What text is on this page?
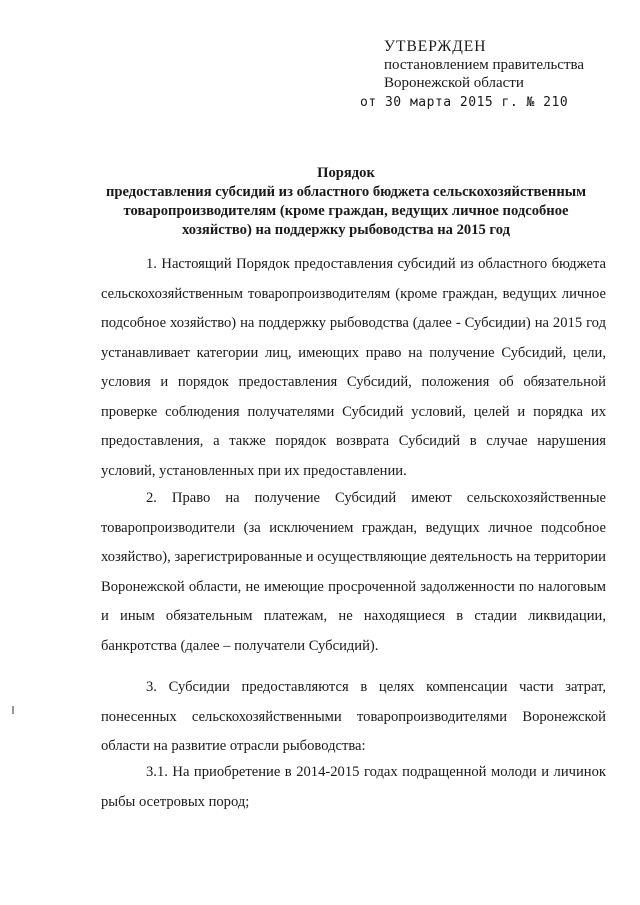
УТВЕРЖДЕН
постановлением правительства
Воронежской области
от 30 марта 2015 г. № 210
Порядок
предоставления субсидий из областного бюджета сельскохозяйственным товаропроизводителям (кроме граждан, ведущих личное подсобное хозяйство) на поддержку рыбоводства на 2015 год
1. Настоящий Порядок предоставления субсидий из областного бюджета сельскохозяйственным товаропроизводителям (кроме граждан, ведущих личное подсобное хозяйство) на поддержку рыбоводства (далее - Субсидии) на 2015 год устанавливает категории лиц, имеющих право на получение Субсидий, цели, условия и порядок предоставления Субсидий, положения об обязательной проверке соблюдения получателями Субсидий условий, целей и порядка их предоставления, а также порядок возврата Субсидий в случае нарушения условий, установленных при их предоставлении.
2. Право на получение Субсидий имеют сельскохозяйственные товаропроизводители (за исключением граждан, ведущих личное подсобное хозяйство), зарегистрированные и осуществляющие деятельность на территории Воронежской области, не имеющие просроченной задолженности по налоговым и иным обязательным платежам, не находящиеся в стадии ликвидации, банкротства (далее – получатели Субсидий).
3. Субсидии предоставляются в целях компенсации части затрат, понесенных сельскохозяйственными товаропроизводителями Воронежской области на развитие отрасли рыбоводства:
3.1. На приобретение в 2014-2015 годах подращенной молоди и личинок рыбы осетровых пород;
